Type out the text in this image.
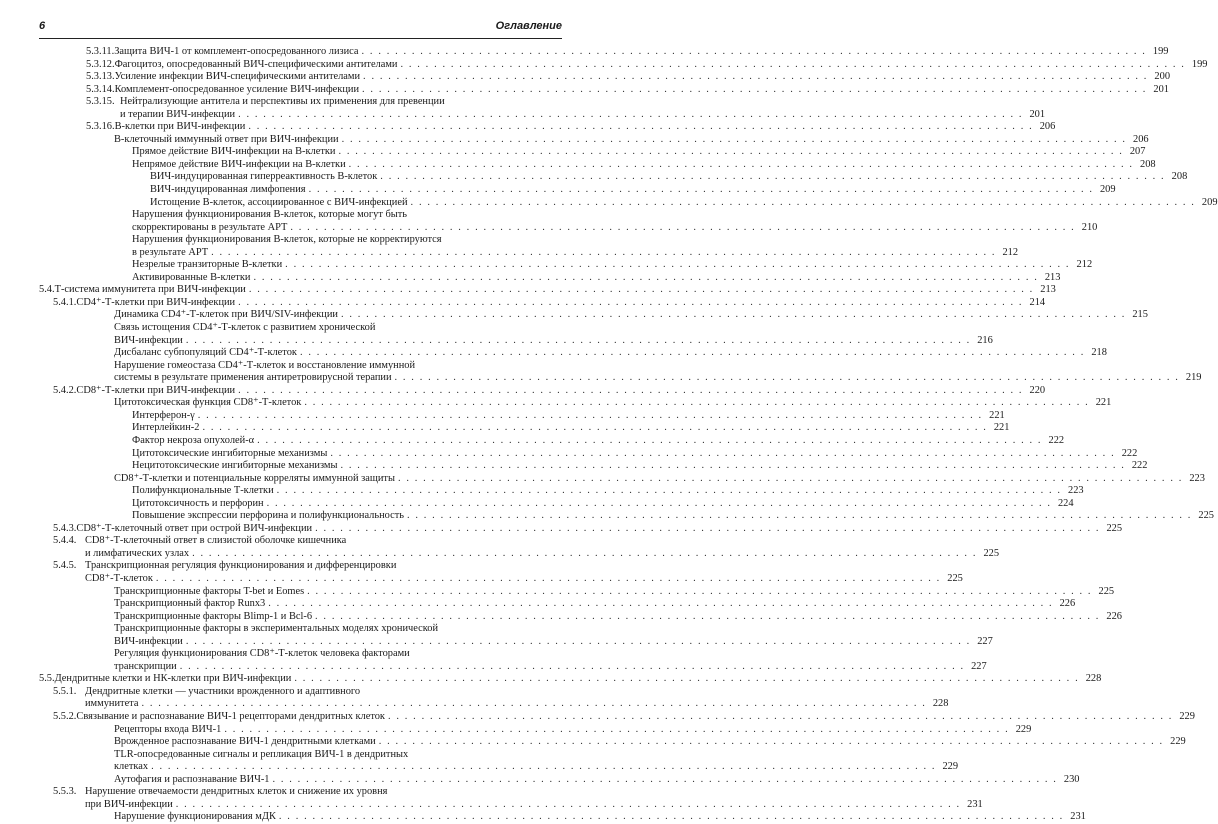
6	Оглавление
5.3.11. Защита ВИЧ-1 от комплемент-опосредованного лизиса . . .	199
5.3.12. Фагоцитоз, опосредованный ВИЧ-специфическими антителами . . .	199
5.3.13. Усиление инфекции ВИЧ-специфическими антителами . . .	200
5.3.14. Комплемент-опосредованное усиление ВИЧ-инфекции . . .	201
5.3.15. Нейтрализующие антитела и перспективы их применения для превенции
и терапии ВИЧ-инфекции . . .	201
5.3.16. В-клетки при ВИЧ-инфекции . . .	206
В-клеточный иммунный ответ при ВИЧ-инфекции . . .	206
Прямое действие ВИЧ-инфекции на В-клетки . . .	207
Непрямое действие ВИЧ-инфекции на В-клетки . . .	208
ВИЧ-индуцированная гиперреактивность В-клеток . . .	208
ВИЧ-индуцированная лимфопения . . .	209
Истощение В-клеток, ассоциированное с ВИЧ-инфекцией . . .	209
Нарушения функционирования В-клеток, которые могут быть
скорректированы в результате АРТ . . .	210
Нарушения функционирования В-клеток, которые не корректируются
в результате АРТ . . .	212
Незрелые транзиторные В-клетки . . .	212
Активированные В-клетки . . .	213
5.4. Т-система иммунитета при ВИЧ-инфекции . . .	213
5.4.1. CD4⁺-Т-клетки при ВИЧ-инфекции . . .	214
Динамика CD4⁺-Т-клеток при ВИЧ/SIV-инфекции . . .	215
Связь истощения CD4⁺-Т-клеток с развитием хронической
ВИЧ-инфекции . . .	216
Дисбаланс субпопуляций CD4⁺-Т-клеток . . .	218
Нарушение гомеостаза CD4⁺-Т-клеток и восстановление иммунной
системы в результате применения антиретровирусной терапии . . .	219
5.4.2. CD8⁺-Т-клетки при ВИЧ-инфекции . . .	220
Цитотоксическая функция CD8⁺-Т-клеток . . .	221
Интерферон-γ . . .	221
Интерлейкин-2 . . .	221
Фактор некроза опухолей-α . . .	222
Цитотоксические ингибиторные механизмы . . .	222
Нецитотоксические ингибиторные механизмы . . .	222
CD8⁺-Т-клетки и потенциальные корреляты иммунной защиты . . .	223
Полифункциональные Т-клетки . . .	223
Цитотоксичность и перфорин . . .	224
Повышение экспрессии перфорина и полифункциональность . . .	225
5.4.3. CD8⁺-Т-клеточный ответ при острой ВИЧ-инфекции . . .	225
5.4.4. CD8⁺-Т-клеточный ответ в слизистой оболочке кишечника
и лимфатических узлах . . .	225
5.4.5. Транскрипционная регуляция функционирования и дифференцировки
CD8⁺-Т-клеток . . .	225
Транскрипционные факторы T-bet и Eomes . . .	225
Транскрипционный фактор Runx3 . . .	226
Транскрипционные факторы Blimp-1 и Bcl-6 . . .	226
Транскрипционные факторы в экспериментальных моделях хронической
ВИЧ-инфекции . . .	227
Регуляция функционирования CD8⁺-Т-клеток человека факторами
транскрипции . . .	227
5.5. Дендритные клетки и НК-клетки при ВИЧ-инфекции . . .	228
5.5.1. Дендритные клетки — участники врожденного и адаптивного
иммунитета . . .	228
5.5.2. Связывание и распознавание ВИЧ-1 рецепторами дендритных клеток . . .	229
Рецепторы входа ВИЧ-1 . . .	229
Врожденное распознавание ВИЧ-1 дендритными клетками . . .	229
TLR-опосредованные сигналы и репликация ВИЧ-1 в дендритных
клетках . . .	229
Аутофагия и распознавание ВИЧ-1 . . .	230
5.5.3. Нарушение отвечаемости дендритных клеток и снижение их уровня
при ВИЧ-инфекции . . .	231
Нарушение функционирования мДК . . .	231
